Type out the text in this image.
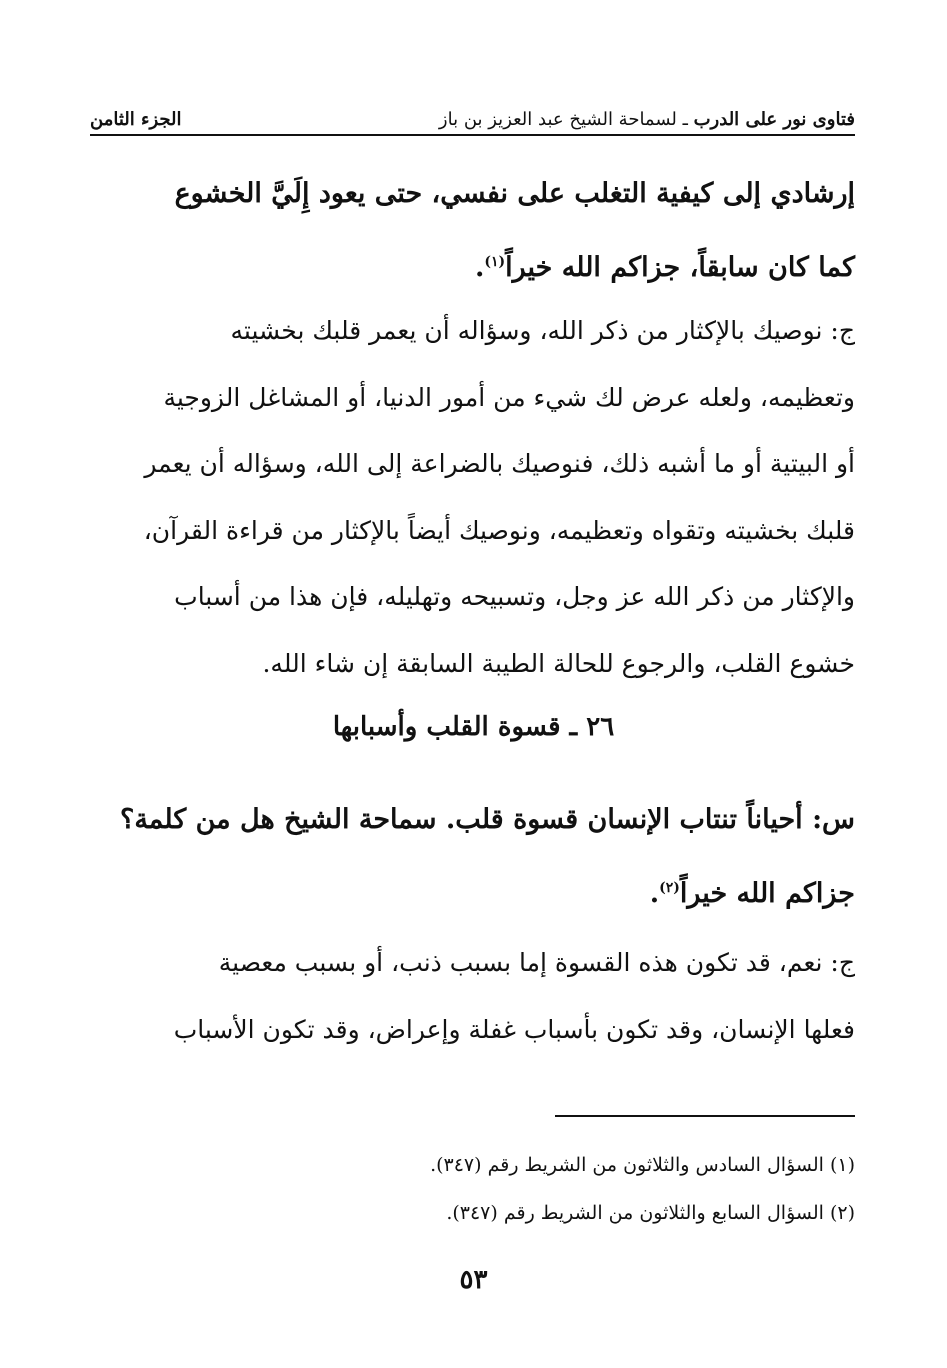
فتاوى نور على الدرب ـ لسماحة الشيخ عبد العزيز بن باز
الجزء الثامن
إرشادي إلى كيفية التغلب على نفسي، حتى يعود إِلَيَّ الخشوع
كما كان سابقاً، جزاكم الله خيراً$^{(١)}$.
ج: نوصيك بالإكثار من ذكر الله، وسؤاله أن يعمر قلبك بخشيته
وتعظيمه، ولعله عرض لك شيء من أمور الدنيا، أو المشاغل الزوجية
أو البيتية أو ما أشبه ذلك، فنوصيك بالضراعة إلى الله، وسؤاله أن يعمر
قلبك بخشيته وتقواه وتعظيمه، ونوصيك أيضاً بالإكثار من قراءة القرآن،
والإكثار من ذكر الله عز وجل، وتسبيحه وتهليله، فإن هذا من أسباب
خشوع القلب، والرجوع للحالة الطيبة السابقة إن شاء الله.
٢٦ ـ قسوة القلب وأسبابها
س: أحياناً تنتاب الإنسان قسوة قلب. سماحة الشيخ هل من كلمة؟
جزاكم الله خيراً$^{(٢)}$.
ج: نعم، قد تكون هذه القسوة إما بسبب ذنب، أو بسبب معصية
فعلها الإنسان، وقد تكون بأسباب غفلة وإعراض، وقد تكون الأسباب
(١) السؤال السادس والثلاثون من الشريط رقم (٣٤٧).
(٢) السؤال السابع والثلاثون من الشريط رقم (٣٤٧).
٥٣
